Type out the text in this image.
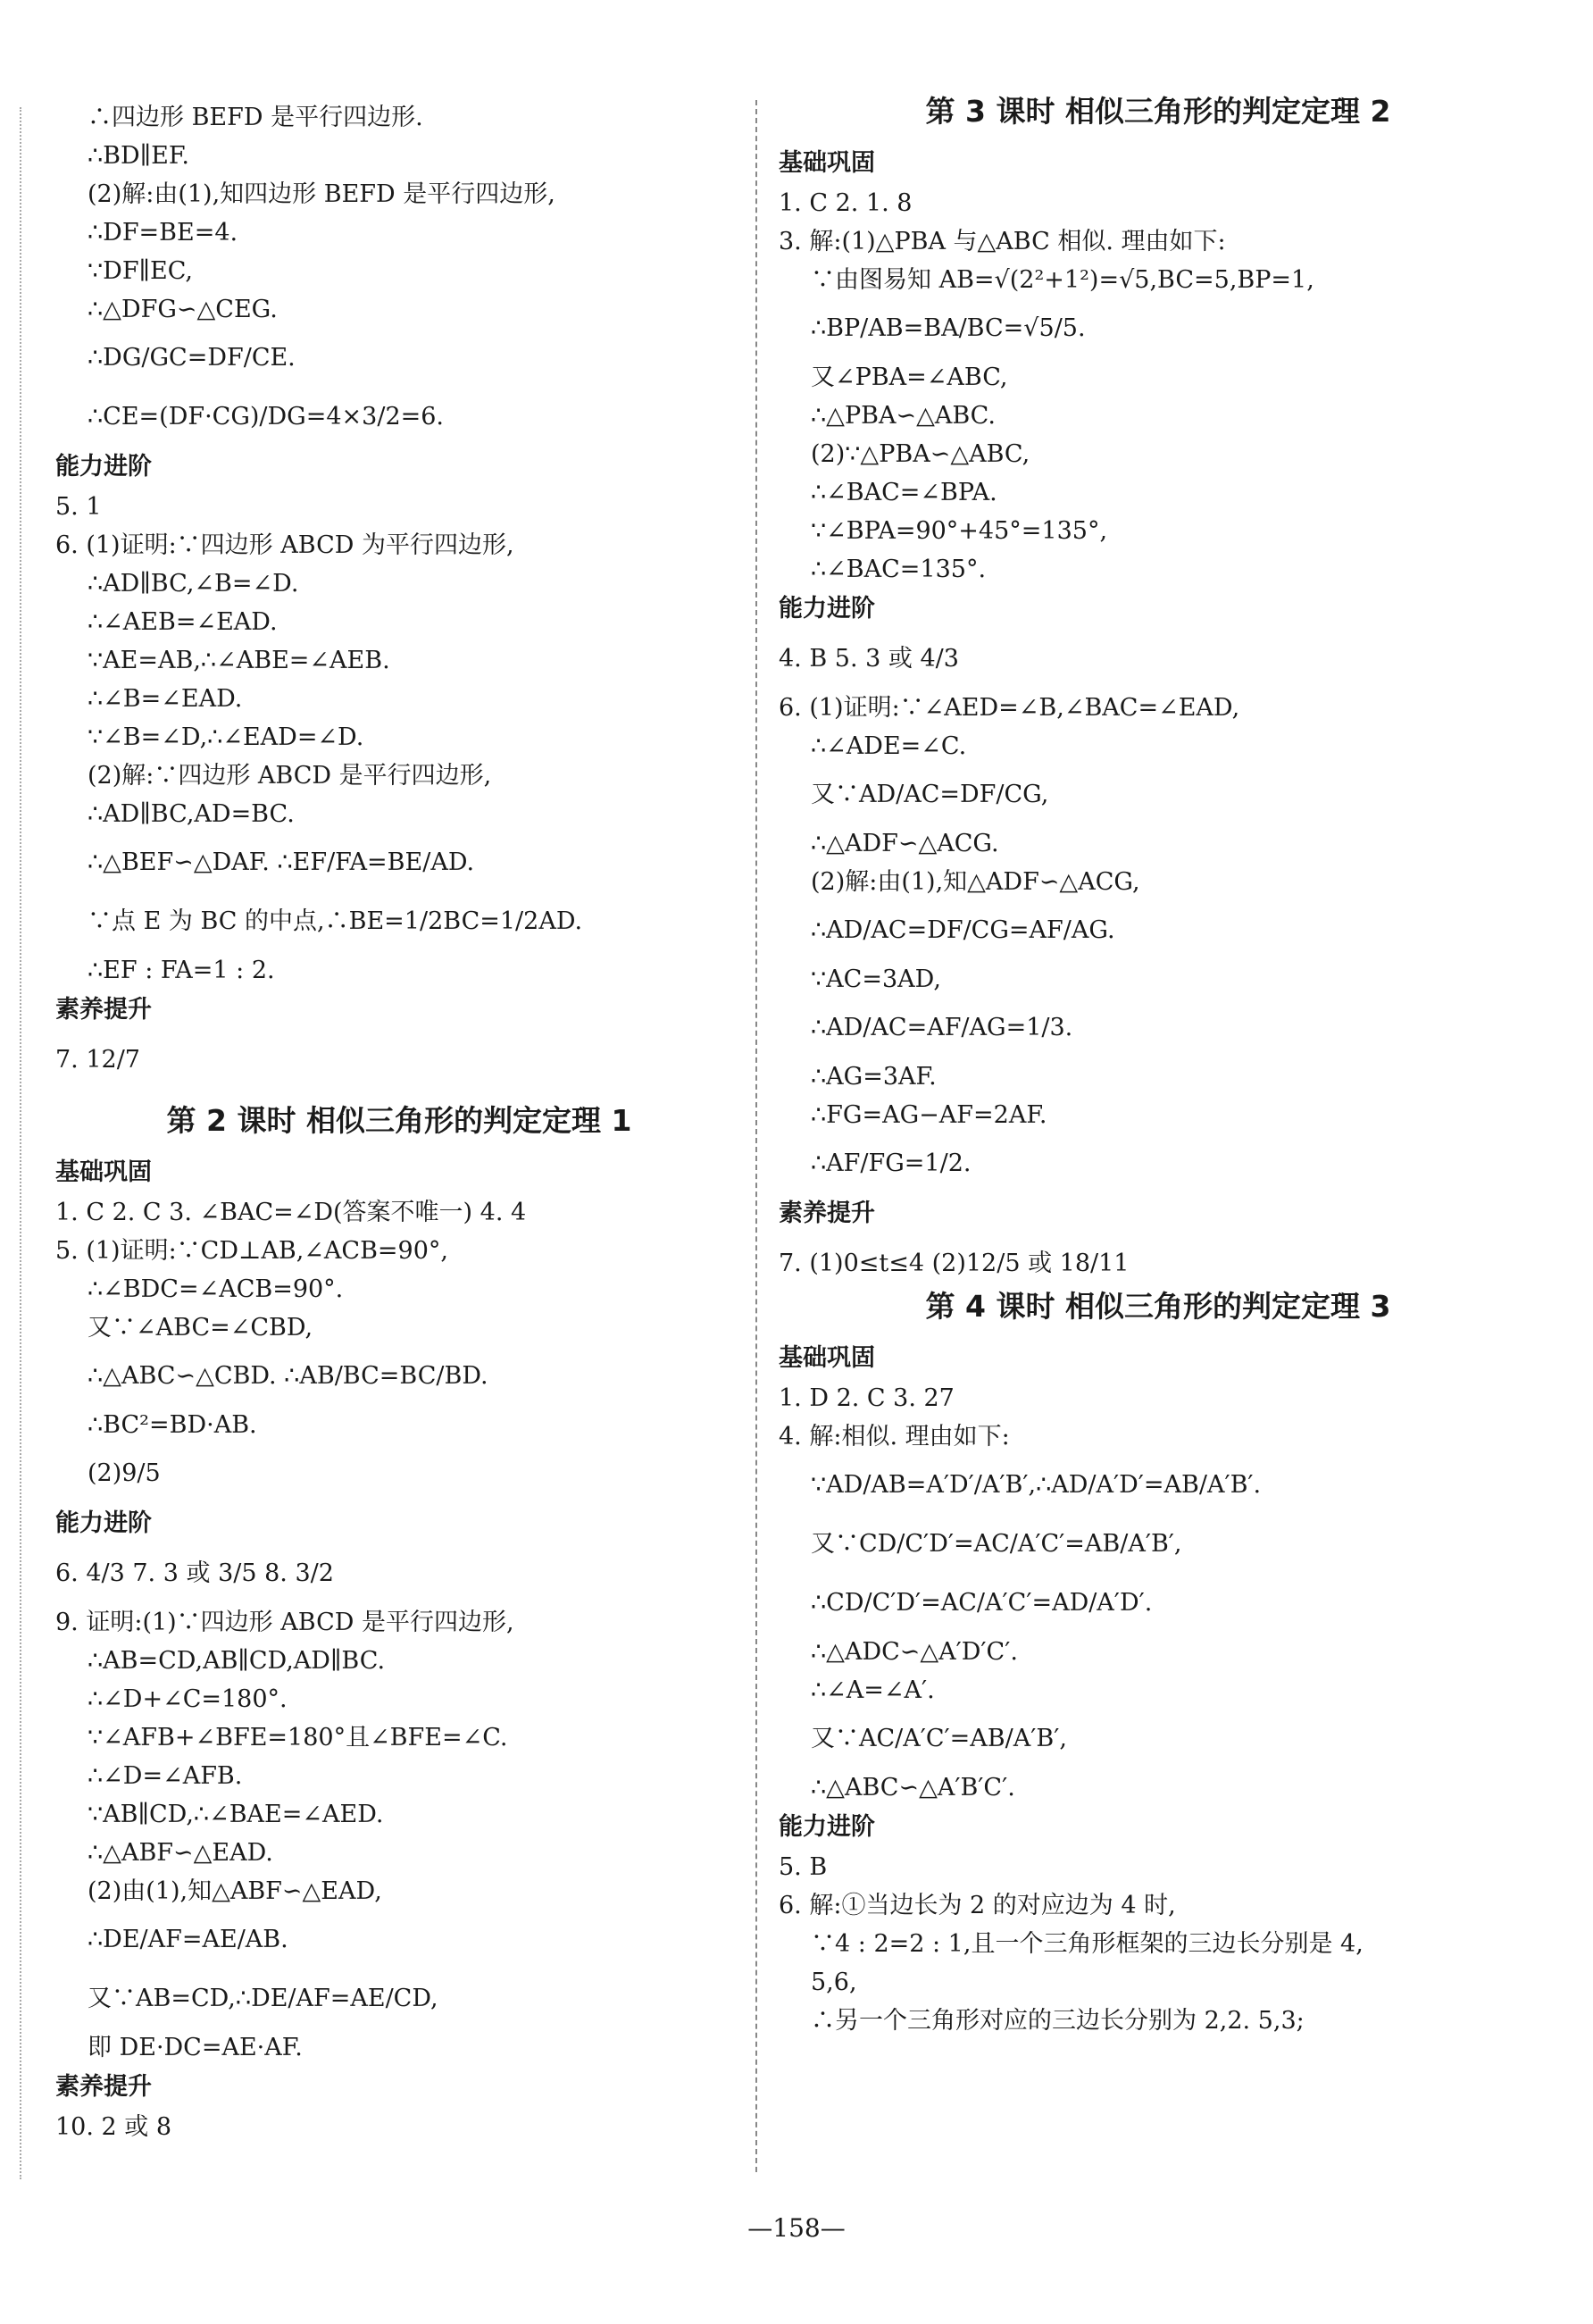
∴四边形 BEFD 是平行四边形.
∴BD∥EF.
(2)解:由(1),知四边形 BEFD 是平行四边形,
∴DF=BE=4.
∵DF∥EC,
∴△DFG∽△CEG.
∴DG/GC=DF/CE.
∴CE=(DF·CG)/DG=4×3/2=6.
能力进阶
5. 1
6. (1)证明:∵四边形 ABCD 为平行四边形,
∴AD∥BC,∠B=∠D.
∴∠AEB=∠EAD.
∵AE=AB,∴∠ABE=∠AEB.
∴∠B=∠EAD.
∵∠B=∠D,∴∠EAD=∠D.
(2)解:∵四边形 ABCD 是平行四边形,
∴AD∥BC,AD=BC.
∴△BEF∽△DAF. ∴EF/FA=BE/AD.
∵点 E 为 BC 的中点,∴BE=1/2BC=1/2AD.
∴EF : FA=1 : 2.
素养提升
7. 12/7
第 2 课时 相似三角形的判定定理 1
基础巩固
1. C 2. C 3. ∠BAC=∠D(答案不唯一) 4. 4
5. (1)证明:∵CD⊥AB,∠ACB=90°,
∴∠BDC=∠ACB=90°.
又∵∠ABC=∠CBD,
∴△ABC∽△CBD. ∴AB/BC=BC/BD.
∴BC²=BD·AB.
(2)9/5
能力进阶
6. 4/3 7. 3 或 3/5 8. 3/2
9. 证明:(1)∵四边形 ABCD 是平行四边形,
∴AB=CD,AB∥CD,AD∥BC.
∴∠D+∠C=180°.
∵∠AFB+∠BFE=180°且∠BFE=∠C.
∴∠D=∠AFB.
∵AB∥CD,∴∠BAE=∠AED.
∴△ABF∽△EAD.
(2)由(1),知△ABF∽△EAD,
∴DE/AF=AE/AB.
又∵AB=CD,∴DE/AF=AE/CD,
即 DE·DC=AE·AF.
素养提升
10. 2 或 8
第 3 课时 相似三角形的判定定理 2
基础巩固
1. C 2. 1. 8
3. 解:(1)△PBA 与△ABC 相似. 理由如下:
∵由图易知 AB=√(2²+1²)=√5,BC=5,BP=1,
∴BP/AB=BA/BC=√5/5.
又∠PBA=∠ABC,
∴△PBA∽△ABC.
(2)∵△PBA∽△ABC,
∴∠BAC=∠BPA.
∵∠BPA=90°+45°=135°,
∴∠BAC=135°.
能力进阶
4. B 5. 3 或 4/3
6. (1)证明:∵∠AED=∠B,∠BAC=∠EAD,
∴∠ADE=∠C.
又∵AD/AC=DF/CG,
∴△ADF∽△ACG.
(2)解:由(1),知△ADF∽△ACG,
∴AD/AC=DF/CG=AF/AG.
∵AC=3AD,
∴AD/AC=AF/AG=1/3.
∴AG=3AF.
∴FG=AG−AF=2AF.
∴AF/FG=1/2.
素养提升
7. (1)0≤t≤4 (2)12/5 或 18/11
第 4 课时 相似三角形的判定定理 3
基础巩固
1. D 2. C 3. 27
4. 解:相似. 理由如下:
∵AD/AB=A′D′/A′B′,∴AD/A′D′=AB/A′B′.
又∵CD/C′D′=AC/A′C′=AB/A′B′,
∴CD/C′D′=AC/A′C′=AD/A′D′.
∴△ADC∽△A′D′C′.
∴∠A=∠A′.
又∵AC/A′C′=AB/A′B′,
∴△ABC∽△A′B′C′.
能力进阶
5. B
6. 解:①当边长为 2 的对应边为 4 时,
∵4 : 2=2 : 1,且一个三角形框架的三边长分别是 4,
5,6,
∴另一个三角形对应的三边长分别为 2,2. 5,3;
—158—
